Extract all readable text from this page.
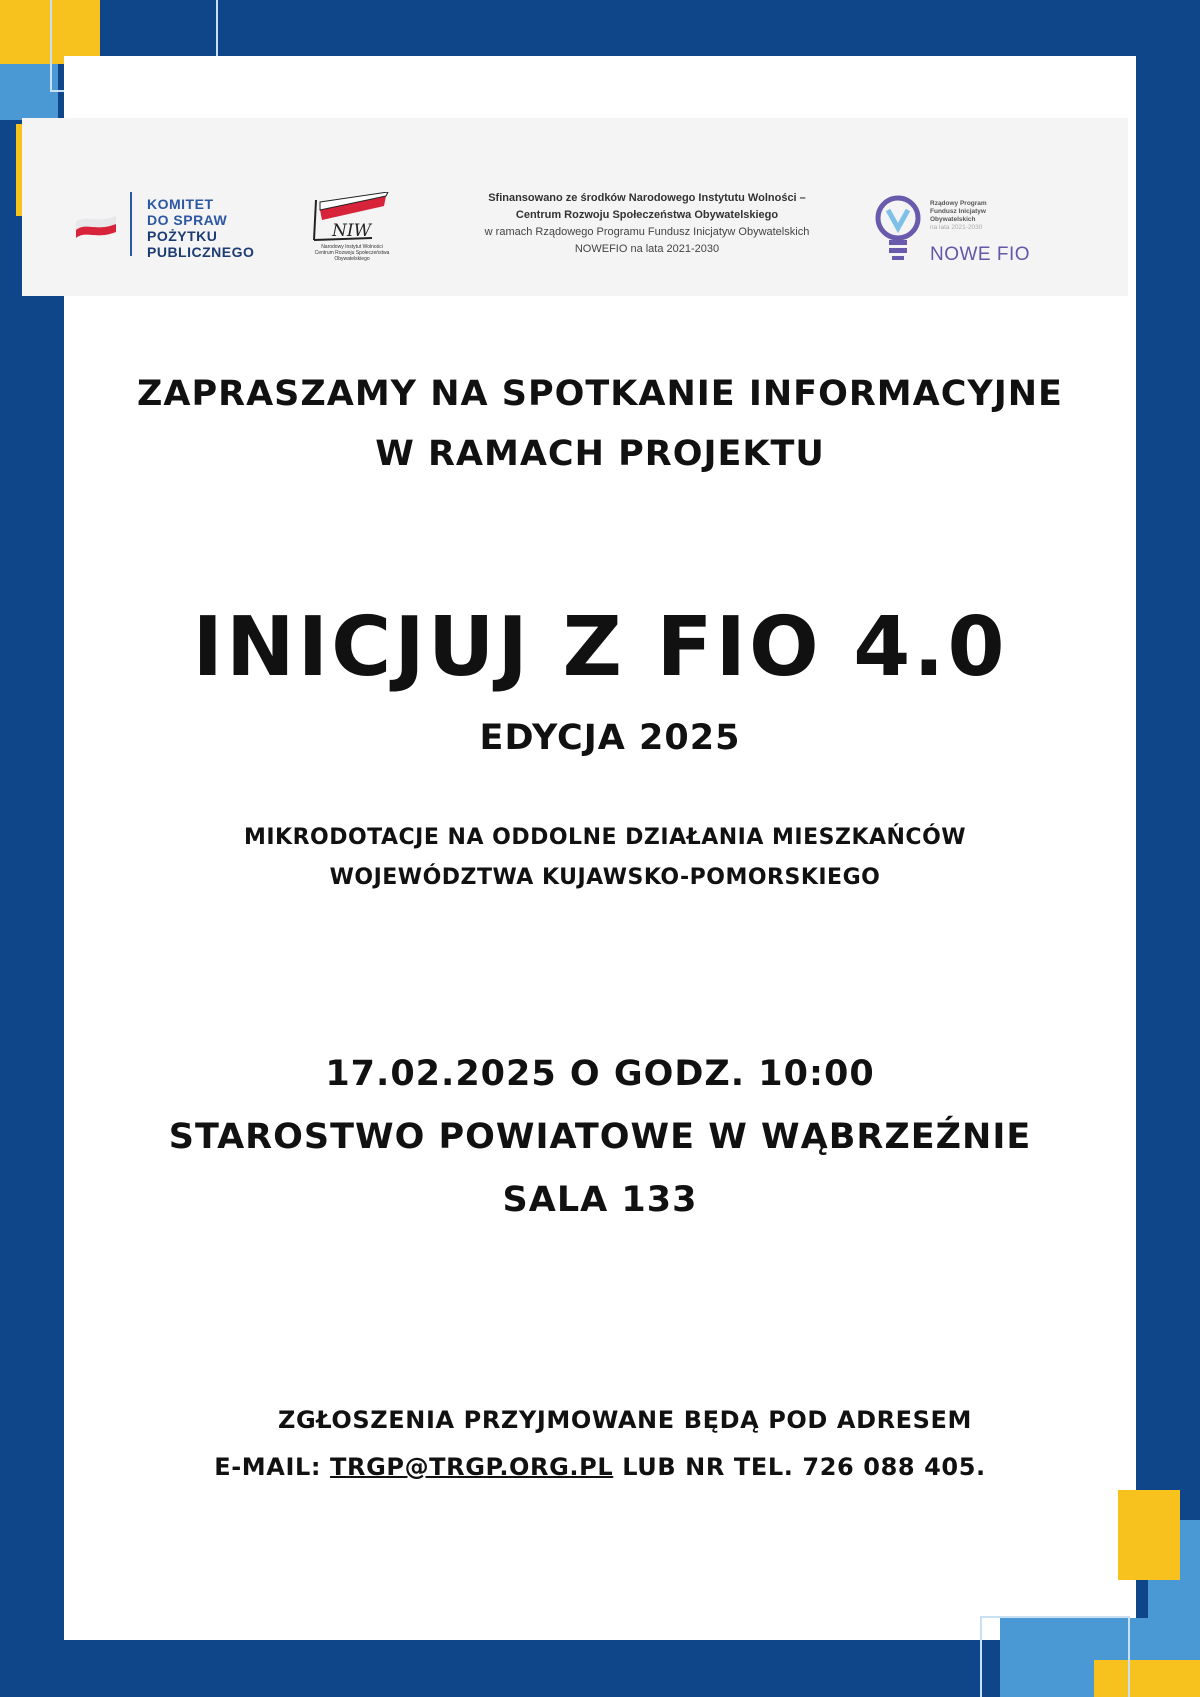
KOMITET
DO SPRAW
POŻYTKU
PUBLICZNEGO
NIW
Narodowy Instytut Wolności
Centrum Rozwoju Społeczeństwa Obywatelskiego
Sfinansowano ze środków Narodowego Instytutu Wolności –
Centrum Rozwoju Społeczeństwa Obywatelskiego
w ramach Rządowego Programu Fundusz Inicjatyw Obywatelskich
NOWEFIO na lata 2021-2030
Rządowy Program
Fundusz Inicjatyw
Obywatelskich
na lata 2021-2030
NOWE FIO
ZAPRASZAMY NA SPOTKANIE INFORMACYJNE
W RAMACH PROJEKTU
INICJUJ Z FIO 4.0
EDYCJA 2025
MIKRODOTACJE NA ODDOLNE DZIAŁANIA MIESZKAŃCÓW
WOJEWÓDZTWA KUJAWSKO-POMORSKIEGO
17.02.2025 O GODZ. 10:00
STAROSTWO POWIATOWE W WĄBRZEŹNIE
SALA 133
ZGŁOSZENIA PRZYJMOWANE BĘDĄ POD ADRESEM
E-MAIL: TRGP@TRGP.ORG.PL LUB NR TEL. 726 088 405.
